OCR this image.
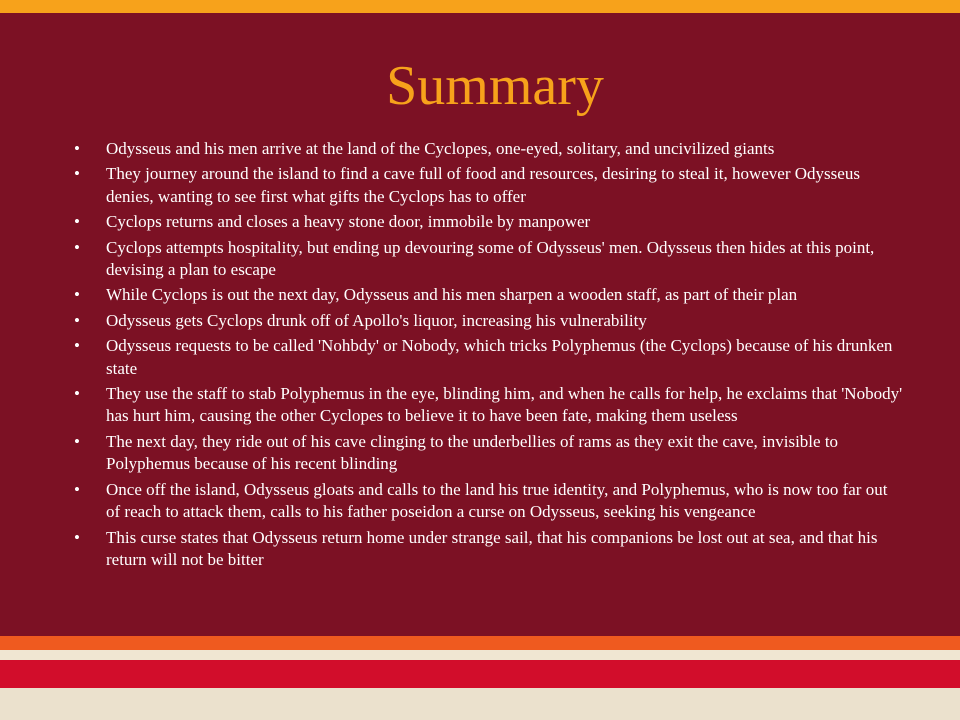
Summary
• Odysseus and his men arrive at the land of the Cyclopes, one-eyed, solitary, and uncivilized giants
• They journey around the island to find a cave full of food and resources, desiring to steal it, however Odysseus denies, wanting to see first what gifts the Cyclops has to offer
• Cyclops returns and closes a heavy stone door, immobile by manpower
• Cyclops attempts hospitality, but ending up devouring some of Odysseus' men. Odysseus then hides at this point, devising a plan to escape
• While Cyclops is out the next day, Odysseus and his men sharpen a wooden staff, as part of their plan
• Odysseus gets Cyclops drunk off of Apollo's liquor, increasing his vulnerability
• Odysseus requests to be called 'Nohbdy' or Nobody, which tricks Polyphemus (the Cyclops) because of his drunken state
• They use the staff to stab Polyphemus in the eye, blinding him, and when he calls for help, he exclaims that 'Nobody' has hurt him, causing the other Cyclopes to believe it to have been fate, making them useless
• The next day, they ride out of his cave clinging to the underbellies of rams as they exit the cave, invisible to Polyphemus because of his recent blinding
• Once off the island, Odysseus gloats and calls to the land his true identity, and Polyphemus, who is now too far out of reach to attack them, calls to his father poseidon a curse on Odysseus, seeking his vengeance
• This curse states that Odysseus return home under strange sail, that his companions be lost out at sea, and that his return will not be bitter
